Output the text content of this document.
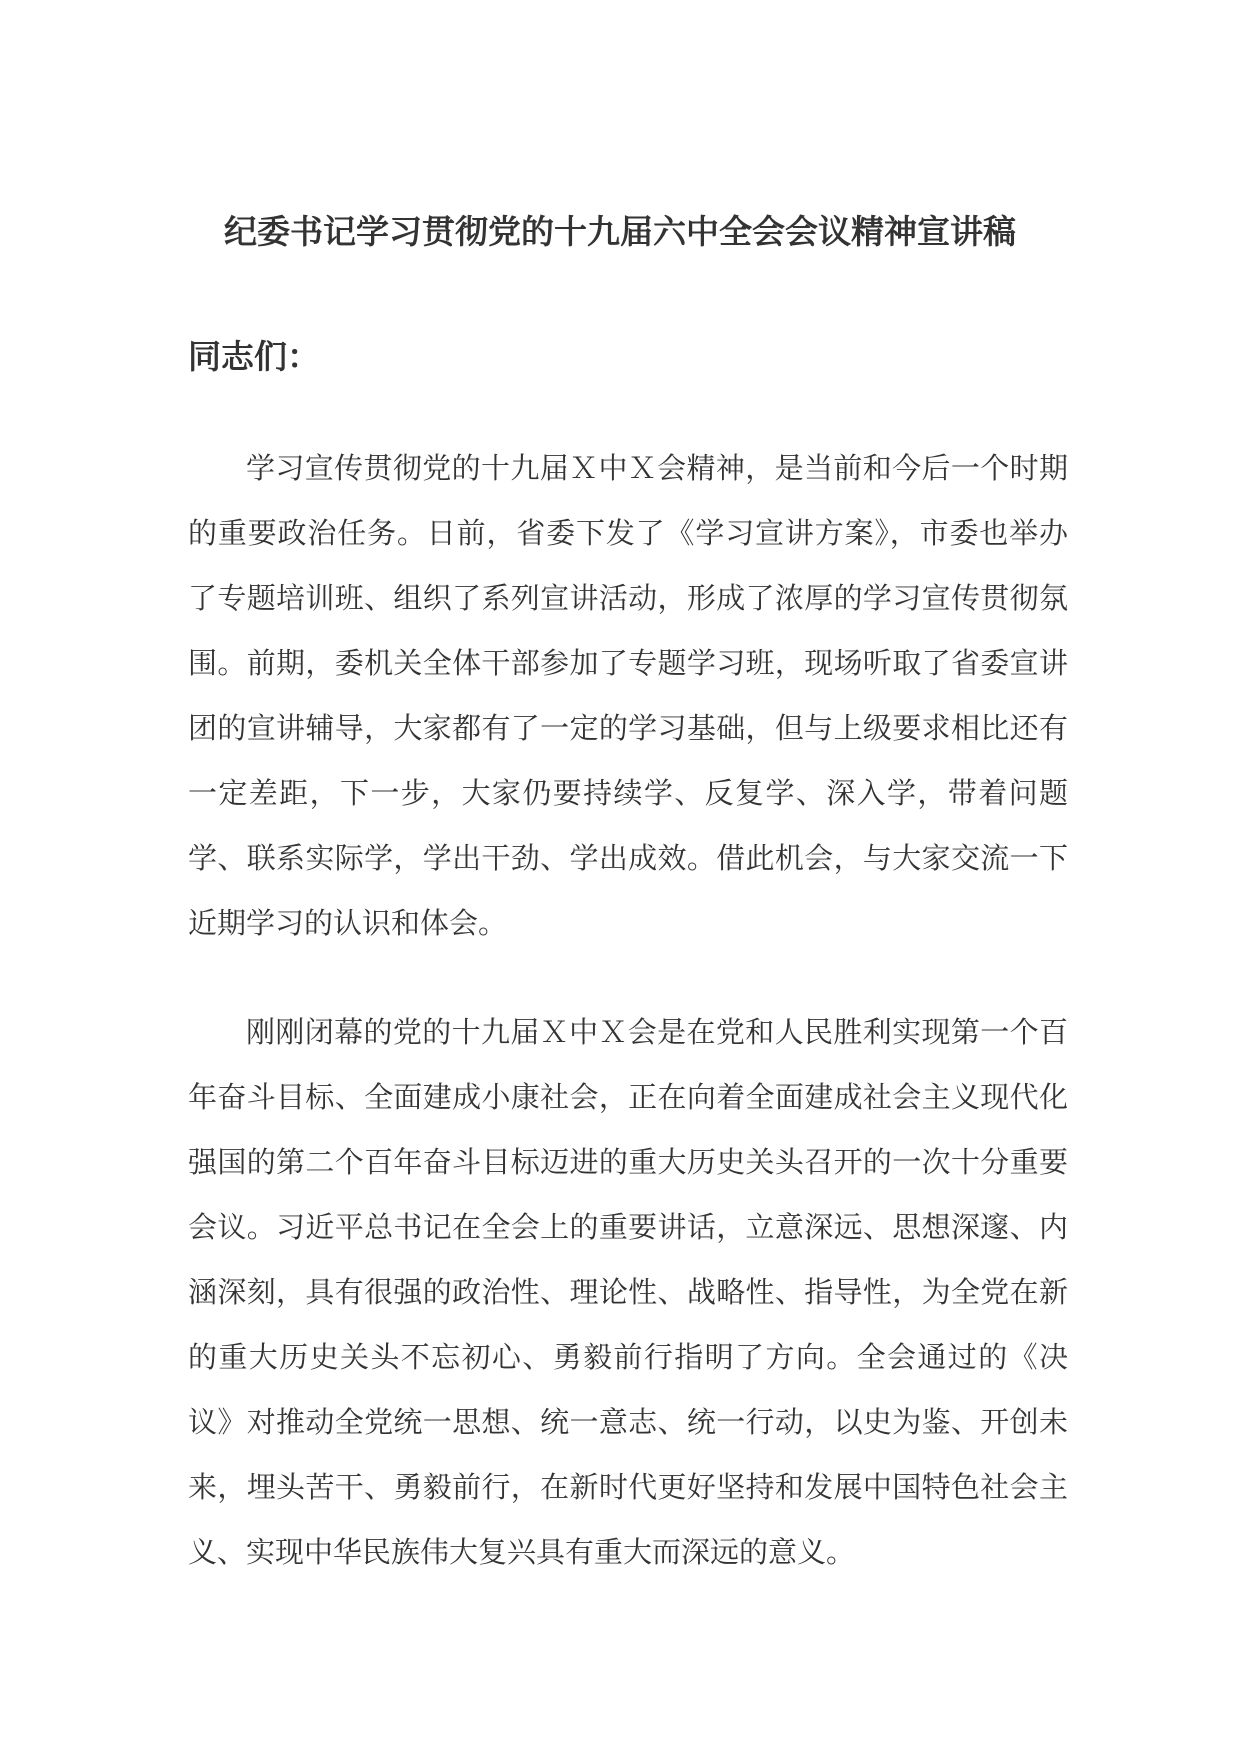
纪委书记学习贯彻党的十九届六中全会会议精神宣讲稿

同志们：

学习宣传贯彻党的十九届Ｘ中Ｘ会精神，是当前和今后一个时期的重要政治任务。日前，省委下发了《学习宣讲方案》，市委也举办了专题培训班、组织了系列宣讲活动，形成了浓厚的学习宣传贯彻氛围。前期，委机关全体干部参加了专题学习班，现场听取了省委宣讲团的宣讲辅导，大家都有了一定的学习基础，但与上级要求相比还有一定差距，下一步，大家仍要持续学、反复学、深入学，带着问题学、联系实际学，学出干劲、学出成效。借此机会，与大家交流一下近期学习的认识和体会。

刚刚闭幕的党的十九届Ｘ中Ｘ会是在党和人民胜利实现第一个百年奋斗目标、全面建成小康社会，正在向着全面建成社会主义现代化强国的第二个百年奋斗目标迈进的重大历史关头召开的一次十分重要会议。习近平总书记在全会上的重要讲话，立意深远、思想深邃、内涵深刻，具有很强的政治性、理论性、战略性、指导性，为全党在新的重大历史关头不忘初心、勇毅前行指明了方向。全会通过的《决议》对推动全党统一思想、统一意志、统一行动，以史为鉴、开创未来，埋头苦干、勇毅前行，在新时代更好坚持和发展中国特色社会主义、实现中华民族伟大复兴具有重大而深远的意义。
